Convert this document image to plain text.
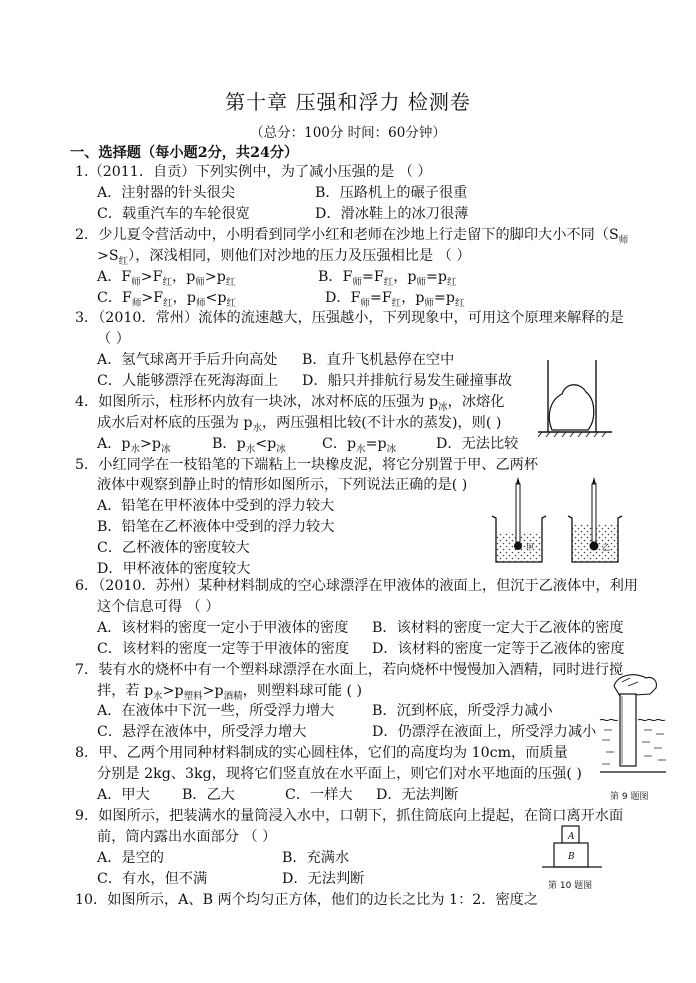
第十章 压强和浮力 检测卷
（总分：100分 时间：60分钟）
一、选择题（每小题2分，共24分）
1.（2011．自贡）下列实例中，为了减小压强的是 （ ）
A．注射器的针头很尖	B．压路机上的碾子很重
C．载重汽车的车轮很宽	D．滑冰鞋上的冰刀很薄
2．少儿夏令营活动中，小明看到同学小红和老师在沙地上行走留下的脚印大小不同（$S_师$
$>S_红$），深浅相同，则他们对沙地的压力及压强相比是 （ ）
A．$F_师>F_红$，$p_师>p_红$	B．$F_师=F_红$，$p_师=p_红$
C．$F_师>F_红$，$p_师<p_红$	D．$F_师=F_红$，$p_师=p_红$
3．（2010．常州）流体的流速越大，压强越小，下列现象中，可用这个原理来解释的是
（ ）
A．氢气球离开手后升向高处 B．直升飞机悬停在空中
C．人能够漂浮在死海海面上 D．船只并排航行易发生碰撞事故
4．如图所示，柱形杯内放有一块冰，冰对杯底的压强为 $p_冰$，冰熔化
成水后对杯底的压强为 $p_水$，两压强相比较(不计水的蒸发)，则( )
A．$p_水>p_冰$	B．$p_水<p_冰$	C．$p_水=p_冰$	D．无法比较
5．小红同学在一枝铅笔的下端粘上一块橡皮泥，将它分别置于甲、乙两杯
液体中观察到静止时的情形如图所示，下列说法正确的是( )
A．铅笔在甲杯液体中受到的浮力较大
B．铅笔在乙杯液体中受到的浮力较大
C．乙杯液体的密度较大
D．甲杯液体的密度较大
甲	乙
6．（2010．苏州）某种材料制成的空心球漂浮在甲液体的液面上，但沉于乙液体中，利用
这个信息可得 （ ）
A．该材料的密度一定小于甲液体的密度 B．该材料的密度一定大于乙液体的密度
C．该材料的密度一定等于甲液体的密度 D．该材料的密度一定等于乙液体的密度
7．装有水的烧杯中有一个塑料球漂浮在水面上，若向烧杯中慢慢加入酒精，同时进行搅
拌，若 $p_水>p_{塑料}>p_{酒精}$，则塑料球可能 ( )
A．在液体中下沉一些，所受浮力增大	B．沉到杯底，所受浮力减小
C．悬浮在液体中，所受浮力增大	D．仍漂浮在液面上，所受浮力减小
第 9 题图
8．甲、乙两个用同种材料制成的实心圆柱体，它们的高度均为 10cm，而质量
分别是 2kg、3kg，现将它们竖直放在水平面上，则它们对水平地面的压强( )
A．甲大 B．乙大	C．一样大 D．无法判断
9．如图所示，把装满水的量筒浸入水中，口朝下，抓住筒底向上提起，在筒口离开水面
前，筒内露出水面部分 （ ）
A．是空的	B．充满水
C．有水，但不满	D．无法判断
A
B
第 10 题图
10．如图所示，A、B 两个均匀正方体，他们的边长之比为 1：2．密度之
